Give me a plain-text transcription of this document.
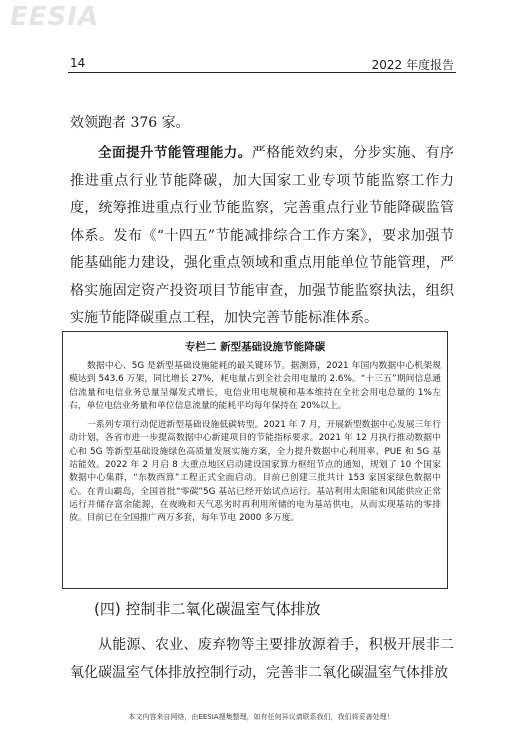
EESIA
14	2022 年度报告
效领跑者 376 家。
全面提升节能管理能力。严格能效约束，分步实施、有序推进重点行业节能降碳，加大国家工业专项节能监察工作力度，统筹推进重点行业节能监察，完善重点行业节能降碳监管体系。发布《“十四五”节能减排综合工作方案》，要求加强节能基础能力建设，强化重点领域和重点用能单位节能管理，严格实施固定资产投资项目节能审查，加强节能监察执法，组织实施节能降碳重点工程，加快完善节能标准体系。
专栏二 新型基础设施节能降碳

数据中心、5G 是新型基础设施能耗的最关键环节。据测算，2021 年国内数据中心机架规模达到 543.6 万架，同比增长 27%，耗电量占到全社会用电量的 2.6%。“十三五”期间信息通信流量和电信业务总量呈爆发式增长，电信业用电规模和基本维持在全社会用电总量的 1%左右，单位电信业务量和单位信息流量的能耗平均每年保持在 20%以上。

一系列专项行动促进新型基础设施低碳转型。2021 年 7 月，开展新型数据中心发展三年行动计划，各省市进一步提高数据中心新建项目的节能指标要求。2021 年 12 月执行推动数据中心和 5G 等新型基础设施绿色高质量发展实施方案，全力提升数据中心利用率、PUE 和 5G 基站能效。2022 年 2 月启 8 大重点地区启动建设国家算力枢纽节点的通知，规划了 10 个国家数据中心集群，“东数西算”工程正式全面启动。目前已创建三批共计 153 家国家绿色数据中心。在青山霸岛，全国首批“零碳”5G 基站已经开始试点运行。基站利用太阳能和风能供应正常运行并储存富余能源，在夜晚和天气恶劣时再利用所储的电为基站供电，从而实现基站的零排放。目前已在全国推广两万多套，每年节电 2000 多万度。

(四) 控制非二氧化碳温室气体排放
从能源、农业、废弃物等主要排放源着手，积极开展非二氧化碳温室气体排放控制行动，完善非二氧化碳温室气体排放
本文内容来自网络，由EESIA搜集整理，如有任何异议请联系我们，我们将妥善处理！
